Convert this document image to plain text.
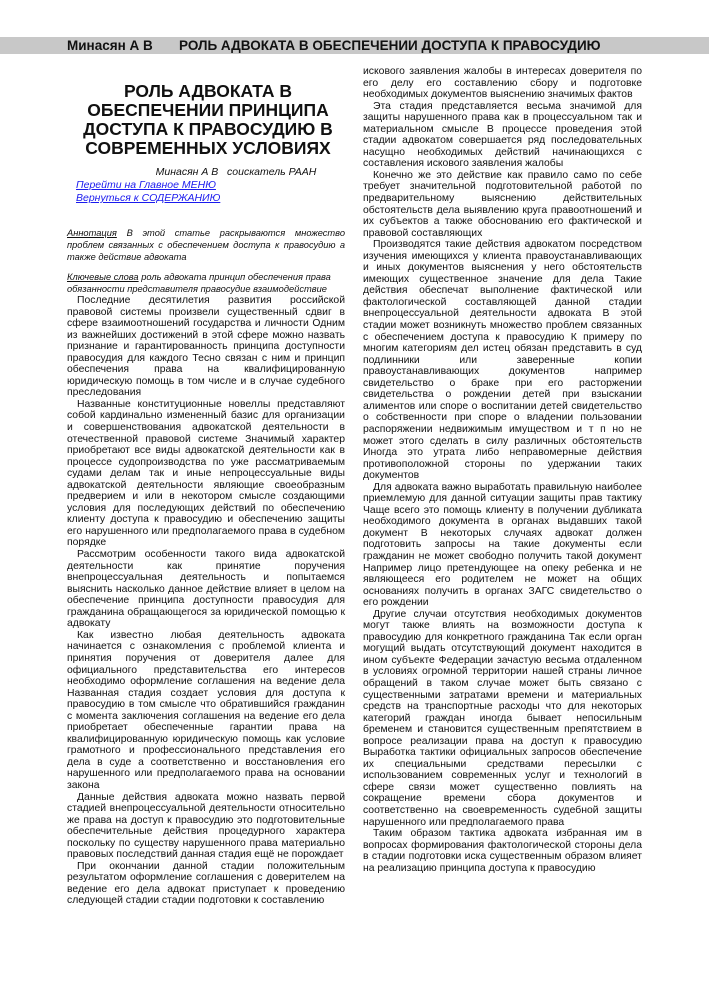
Минасян А В РОЛЬ АДВОКАТА В ОБЕСПЕЧЕНИИ ДОСТУПА К ПРАВОСУДИЮ
РОЛЬ АДВОКАТА В
ОБЕСПЕЧЕНИИ ПРИНЦИПА
ДОСТУПА К ПРАВОСУДИЮ В
СОВРЕМЕННЫХ УСЛОВИЯХ
Минасян А В   соискатель РААН
Перейти на Главное МЕНЮ
Вернуться к СОДЕРЖАНИЮ
Аннотация В этой статье раскрываются множество проблем связанных с обеспечением доступа к правосудию а также действие адвоката
Ключевые слова роль адвоката принцип обеспечения права обязанности представителя правосудие взаимодействие

Последние десятилетия развития российской правовой системы произвели существенный сдвиг в сфере взаимоотношений государства и личности Одним из важнейших достижений в этой сфере можно назвать признание и гарантированность принципа доступности правосудия для каждого Тесно связан с ним и принцип обеспечения права на квалифицированную юридическую помощь в том числе и в случае судебного преследования

Названные конституционные новеллы представляют собой кардинально измененный базис для организации и совершенствования адвокатской деятельности в отечественной правовой системе Значимый характер приобретают все виды адвокатской деятельности как в процессе судопроизводства по уже рассматриваемым судами делам так и иные непроцессуальные виды адвокатской деятельности являющие своеобразным предверием и или в некотором смысле создающими условия для последующих действий по обеспечению клиенту доступа к правосудию и обеспечению защиты его нарушенного или предполагаемого права в судебном порядке

Рассмотрим особенности такого вида адвокатской деятельности как принятие поручения внепроцессуальная деятельность и попытаемся выяснить насколько данное действие влияет в целом на обеспечение принципа доступности правосудия для гражданина обращающегося за юридической помощью к адвокату

Как известно любая деятельность адвоката начинается с ознакомления с проблемой клиента и принятия поручения от доверителя далее для официального представительства его интересов необходимо оформление соглашения на ведение дела Названная стадия создает условия для доступа к правосудию в том смысле что обратившийся гражданин с момента заключения соглашения на ведение его дела приобретает обеспеченные гарантии права на квалифицированную юридическую помощь как условие грамотного и профессионального представления его дела в суде а соответственно и восстановления его нарушенного или предполагаемого права на основании закона

Данные действия адвоката можно назвать первой стадией внепроцессуальной деятельности относительно же права на доступ к правосудию это подготовительные обеспечительные действия процедурного характера поскольку по существу нарушенного права материально правовых последствий данная стадия ещё не порождает

При окончании данной стадии положительным результатом оформление соглашения с доверителем на ведение его дела адвокат приступает к проведению следующей стадии стадии подготовки к составлению

искового заявления жалобы в интересах доверителя по его делу его составлению сбору и подготовке необходимых документов выяснению значимых фактов

Эта стадия представляется весьма значимой для защиты нарушенного права как в процессуальном так и материальном смысле В процессе проведения этой стадии адвокатом совершается ряд последовательных насущно необходимых действий начинающихся с составления искового заявления жалобы

Конечно же это действие как правило само по себе требует значительной подготовительной работой по предварительному выяснению действительных обстоятельств дела выявлению круга правоотношений и их субъектов а также обоснованию его фактической и правовой составляющих

Производятся такие действия адвокатом посредством изучения имеющихся у клиента правоустанавливающих и иных документов выяснения у него обстоятельств имеющих существенное значение для дела Такие действия обеспечат выполнение фактической или фактологической составляющей данной стадии внепроцессуальной деятельности адвоката В этой стадии может возникнуть множество проблем связанных с обеспечением доступа к правосудию К примеру по многим категориям дел истец обязан представить в суд подлинники или заверенные копии правоустанавливающих документов например свидетельство о браке при его расторжении свидетельства о рождении детей при взыскании алиментов или споре о воспитании детей свидетельство о собственности при споре о владении пользовании распоряжении недвижимым имуществом и т п но не может этого сделать в силу различных обстоятельств Иногда это утрата либо неправомерные действия противоположной стороны по удержании таких документов

Для адвоката важно выработать правильную наиболее приемлемую для данной ситуации защиты прав тактику Чаще всего это помощь клиенту в получении дубликата необходимого документа в органах выдавших такой документ В некоторых случаях адвокат должен подготовить запросы на такие документы если гражданин не может свободно получить такой документ Например лицо претендующее на опеку ребенка и не являющееся его родителем не может на общих основаниях получить в органах ЗАГС свидетельство о его рождении

Другие случаи отсутствия необходимых документов могут также влиять на возможности доступа к правосудию для конкретного гражданина Так если орган могущий выдать отсутствующий документ находится в ином субъекте Федерации зачастую весьма отдаленном в условиях огромной территории нашей страны личное обращений в таком случае может быть связано с существенными затратами времени и материальных средств на транспортные расходы что для некоторых категорий граждан иногда бывает непосильным бременем и становится существенным препятствием в вопросе реализации права на доступ к правосудию Выработка тактики официальных запросов обеспечение их специальными средствами пересылки с использованием современных услуг и технологий в сфере связи может существенно повлиять на сокращение времени сбора документов и соответственно на своевременность судебной защиты нарушенного или предполагаемого права

Таким образом тактика адвоката избранная им в вопросах формирования фактологической стороны дела в стадии подготовки иска существенным образом влияет на реализацию принципа доступа к правосудию
